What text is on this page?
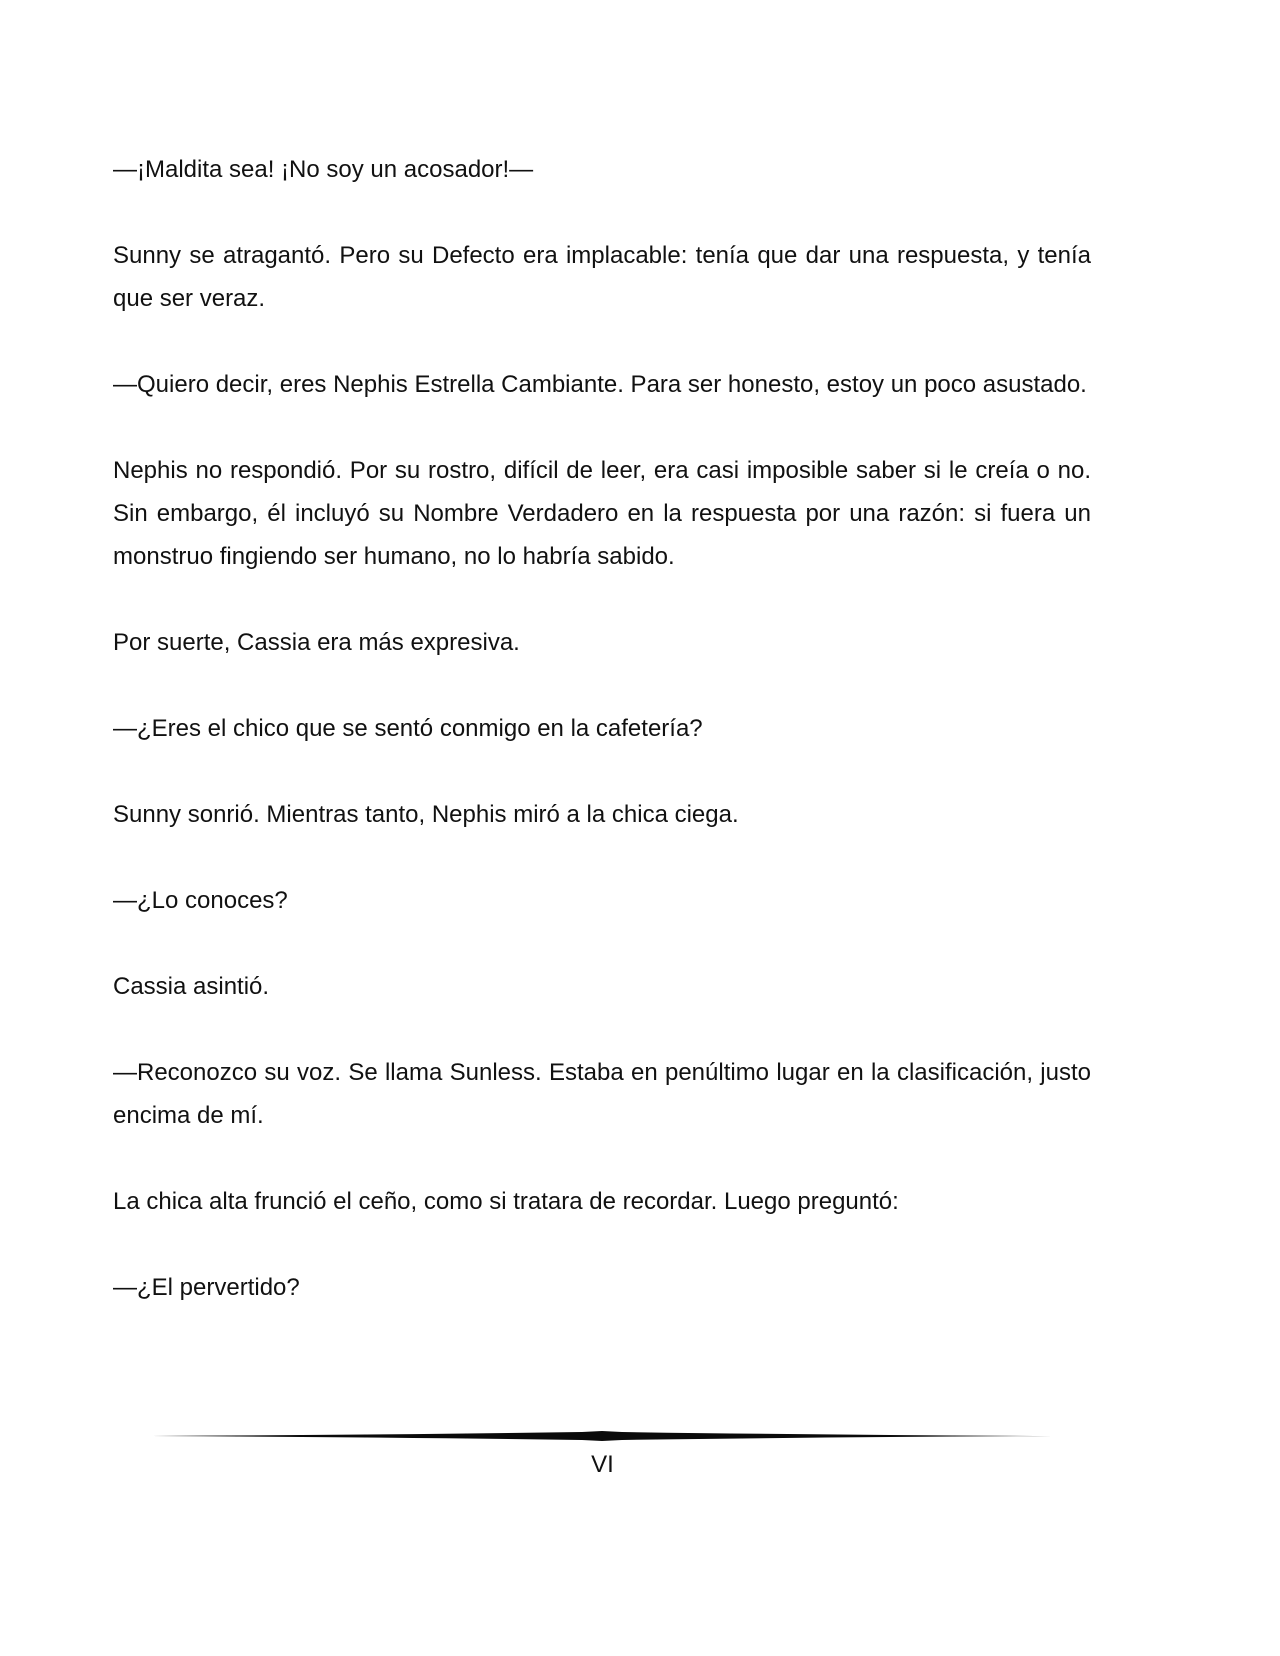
—¡Maldita sea! ¡No soy un acosador!—

Sunny se atragantó. Pero su Defecto era implacable: tenía que dar una respuesta, y tenía que ser veraz.

—Quiero decir, eres Nephis Estrella Cambiante. Para ser honesto, estoy un poco asustado.

Nephis no respondió. Por su rostro, difícil de leer, era casi imposible saber si le creía o no. Sin embargo, él incluyó su Nombre Verdadero en la respuesta por una razón: si fuera un monstruo fingiendo ser humano, no lo habría sabido.

Por suerte, Cassia era más expresiva.

—¿Eres el chico que se sentó conmigo en la cafetería?

Sunny sonrió. Mientras tanto, Nephis miró a la chica ciega.

—¿Lo conoces?

Cassia asintió.

—Reconozco su voz. Se llama Sunless. Estaba en penúltimo lugar en la clasificación, justo encima de mí.

La chica alta frunció el ceño, como si tratara de recordar. Luego preguntó:

—¿El pervertido?

VI
